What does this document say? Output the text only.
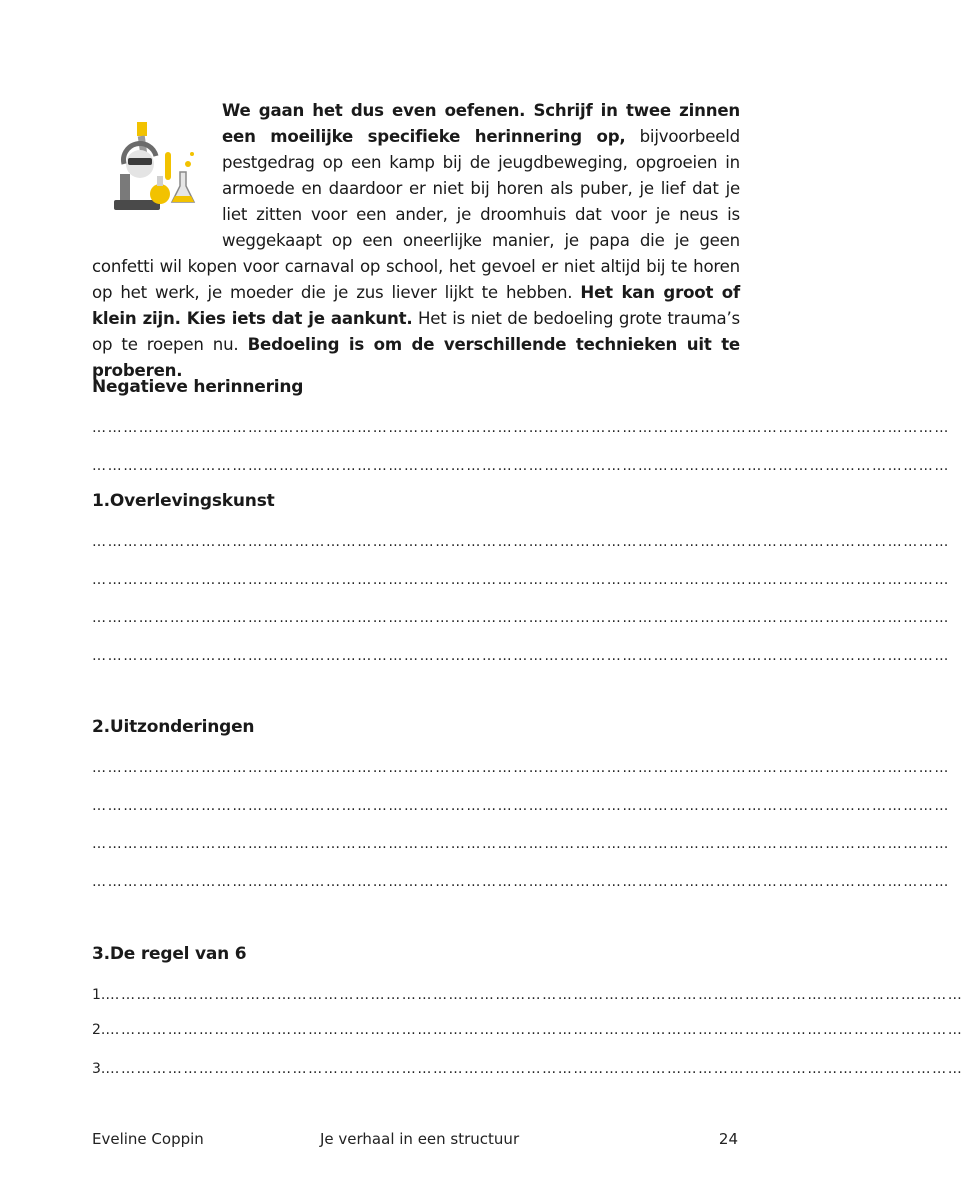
We gaan het dus even oefenen. Schrijf in twee zinnen een moeilijke specifieke herinnering op, bijvoorbeeld pestgedrag op een kamp bij de jeugdbeweging, opgroeien in armoede en daardoor er niet bij horen als puber, je lief dat je liet zitten voor een ander, je droomhuis dat voor je neus is weggekaapt op een oneerlijke manier, je papa die je geen confetti wil kopen voor carnaval op school, het gevoel er niet altijd bij te horen op het werk, je moeder die je zus liever lijkt te hebben. Het kan groot of klein zijn. Kies iets dat je aankunt. Het is niet de bedoeling grote trauma’s op te roepen nu. Bedoeling is om de verschillende technieken uit te proberen.
Negatieve herinnering
…………………………………………………………………………………………………………………………………………………
…………………………………………………………………………………………………………………………………………………
1.Overlevingskunst
…………………………………………………………………………………………………………………………………………………
…………………………………………………………………………………………………………………………………………………
…………………………………………………………………………………………………………………………………………………
…………………………………………………………………………………………………………………………………………………
2.Uitzonderingen
…………………………………………………………………………………………………………………………………………………
…………………………………………………………………………………………………………………………………………………
…………………………………………………………………………………………………………………………………………………
…………………………………………………………………………………………………………………………………………………
3.De regel van 6
1.…………………………………………………………………………………………………………………………………………………
2.…………………………………………………………………………………………………………………………………………………
3.…………………………………………………………………………………………………………………………………………………
Eveline Coppin	Je verhaal in een structuur	24
